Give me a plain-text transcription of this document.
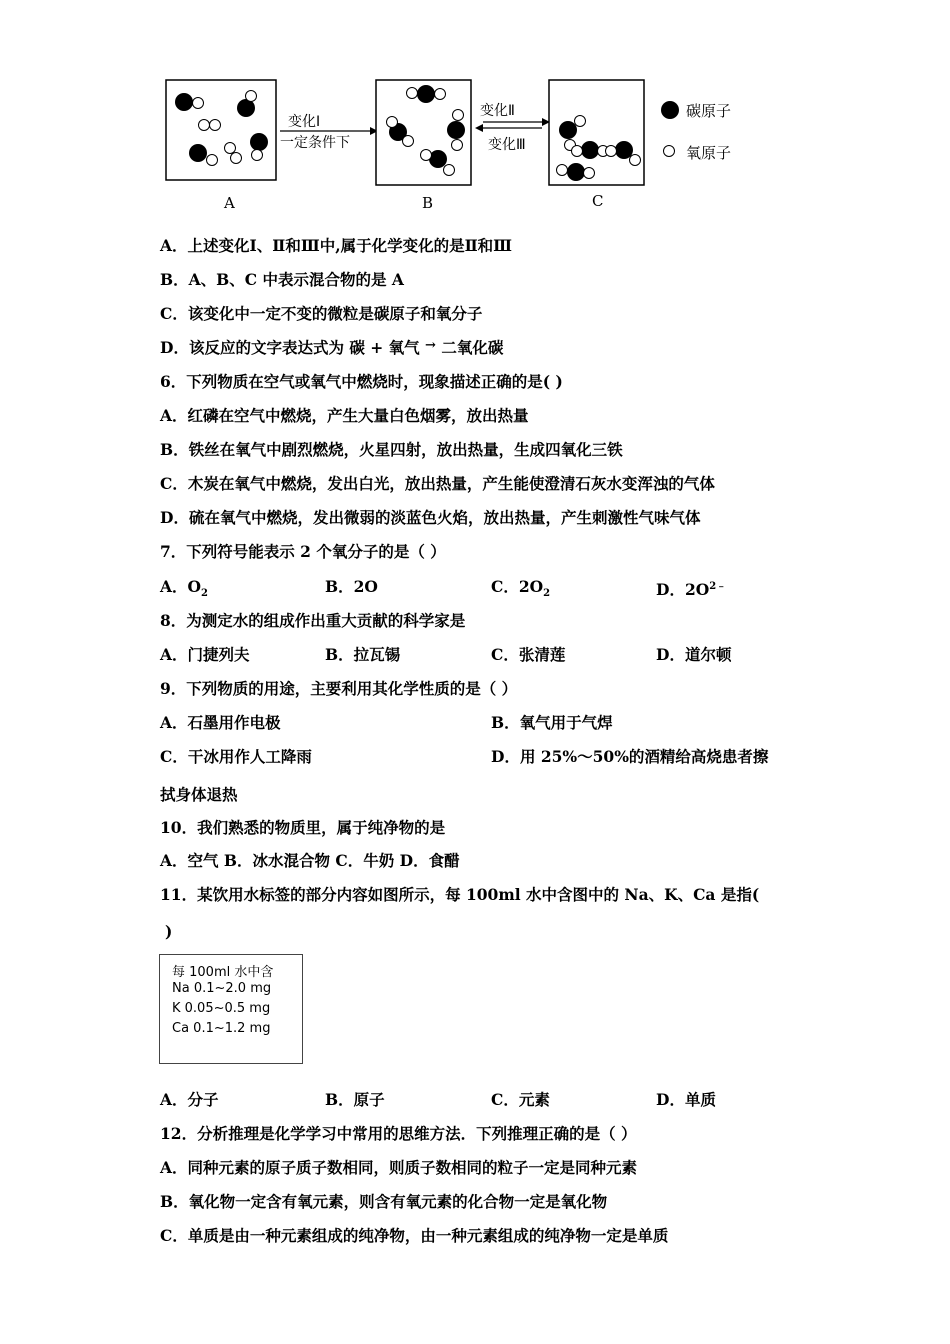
变化Ⅰ
一定条件下
变化Ⅱ
变化Ⅲ
碳原子
氧原子
A	B	C
A．上述变化Ⅰ、Ⅱ和Ⅲ中,属于化学变化的是Ⅱ和Ⅲ
B．A、B、C 中表示混合物的是 A
C．该变化中一定不变的微粒是碳原子和氧分子
D．该反应的文字表达式为 碳 + 氧气 → 二氧化碳
6．下列物质在空气或氧气中燃烧时，现象描述正确的是( )
A．红磷在空气中燃烧，产生大量白色烟雾，放出热量
B．铁丝在氧气中剧烈燃烧，火星四射，放出热量，生成四氧化三铁
C．木炭在氧气中燃烧，发出白光，放出热量，产生能使澄清石灰水变浑浊的气体
D．硫在氧气中燃烧，发出微弱的淡蓝色火焰，放出热量，产生刺激性气味气体
7．下列符号能表示 2 个氧分子的是（ ）
A．$O_2$	B．2O	C．$2O_2$	D．$2O^{2﹣}$
8．为测定水的组成作出重大贡献的科学家是
A．门捷列夫	B．拉瓦锡	C．张清莲	D．道尔顿
9．下列物质的用途，主要利用其化学性质的是（ ）
A．石墨用作电极	B．氧气用于气焊
C．干冰用作人工降雨	D．用 25%～50%的酒精给高烧患者擦
拭身体退热
10．我们熟悉的物质里，属于纯净物的是
A．空气 B．冰水混合物 C．牛奶 D．食醋
11．某饮用水标签的部分内容如图所示，每 100ml 水中含图中的 Na、K、Ca 是指(
)
每 100ml 水中含
Na 0.1~2.0 mg
K 0.05~0.5 mg
Ca 0.1~1.2 mg
A．分子	B．原子	C．元素	D．单质
12．分析推理是化学学习中常用的思维方法．下列推理正确的是（ ）
A．同种元素的原子质子数相同，则质子数相同的粒子一定是同种元素
B．氧化物一定含有氧元素，则含有氧元素的化合物一定是氧化物
C．单质是由一种元素组成的纯净物，由一种元素组成的纯净物一定是单质
